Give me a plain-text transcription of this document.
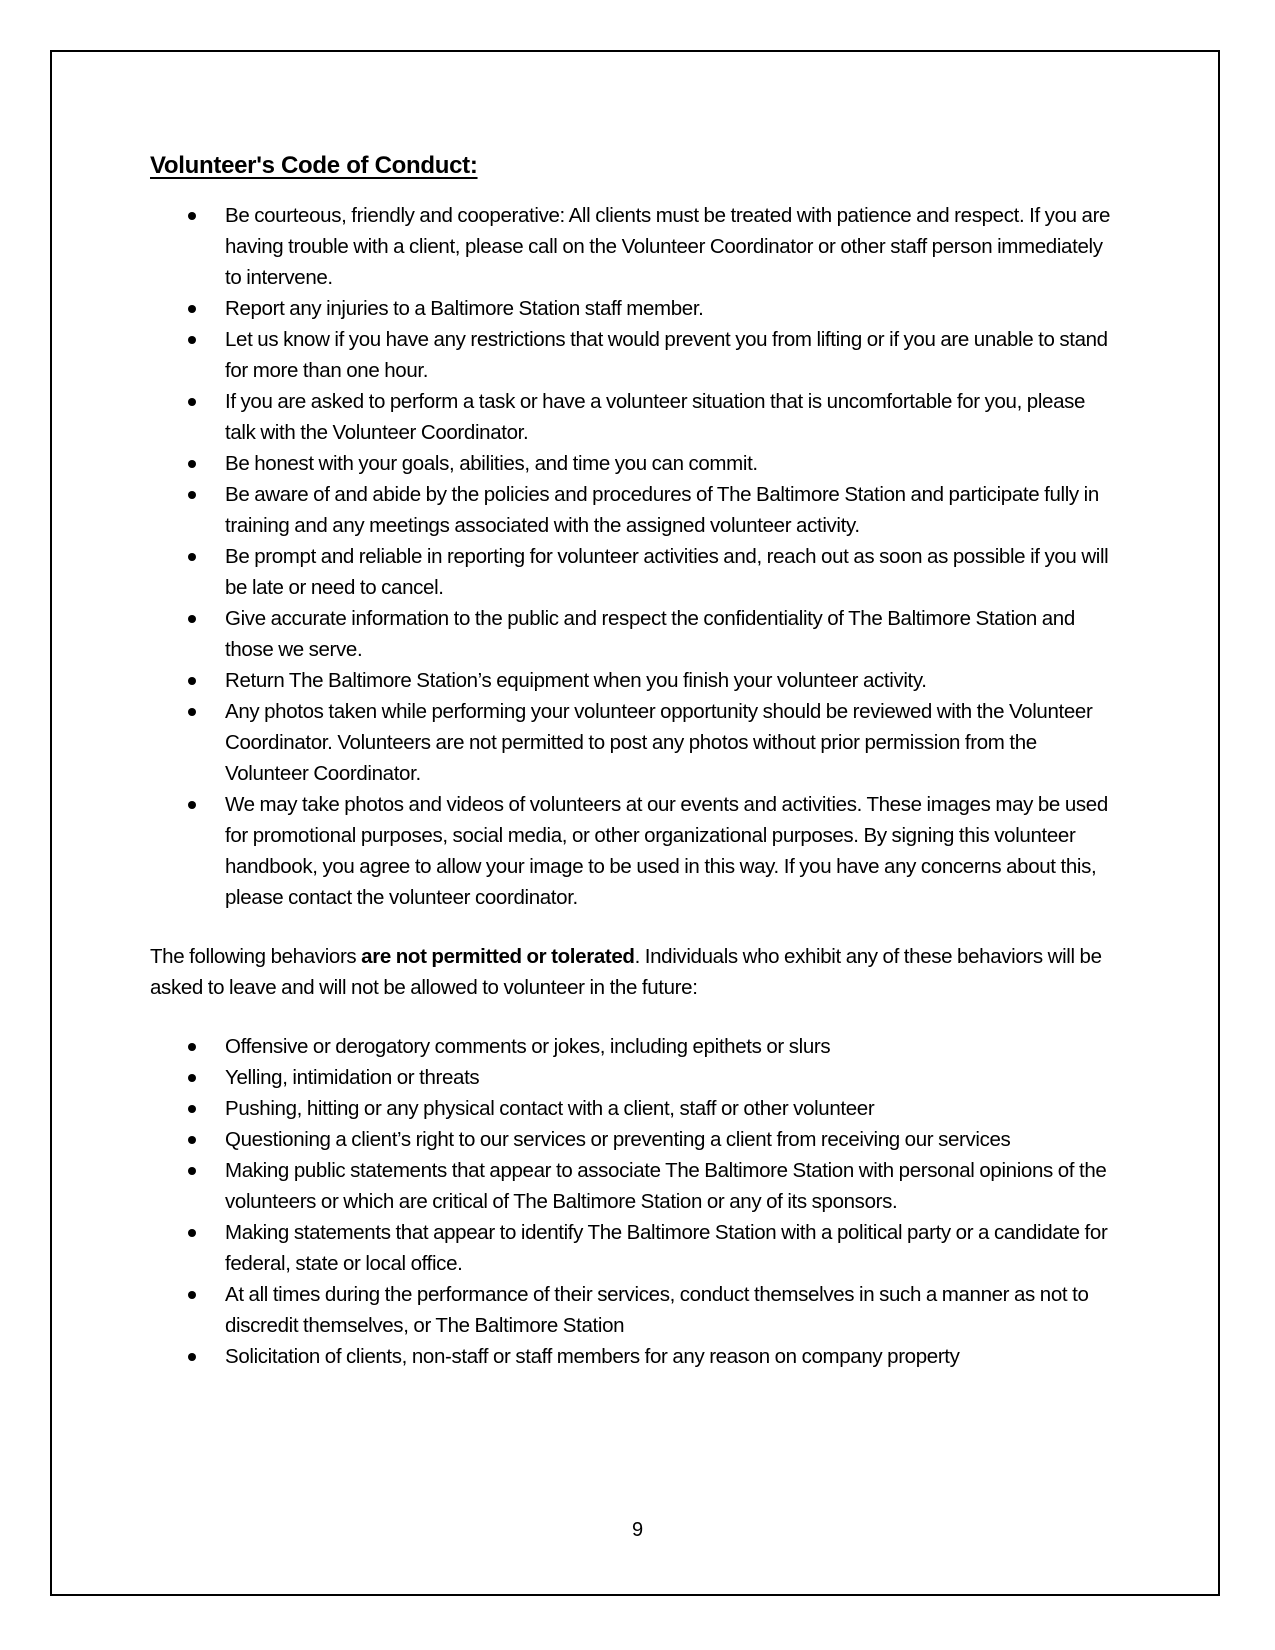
Volunteer's Code of Conduct:
Be courteous, friendly and cooperative: All clients must be treated with patience and respect. If you are having trouble with a client, please call on the Volunteer Coordinator or other staff person immediately to intervene.
Report any injuries to a Baltimore Station staff member.
Let us know if you have any restrictions that would prevent you from lifting or if you are unable to stand for more than one hour.
If you are asked to perform a task or have a volunteer situation that is uncomfortable for you, please talk with the Volunteer Coordinator.
Be honest with your goals, abilities, and time you can commit.
Be aware of and abide by the policies and procedures of The Baltimore Station and participate fully in training and any meetings associated with the assigned volunteer activity.
Be prompt and reliable in reporting for volunteer activities and, reach out as soon as possible if you will be late or need to cancel.
Give accurate information to the public and respect the confidentiality of The Baltimore Station and those we serve.
Return The Baltimore Station’s equipment when you finish your volunteer activity.
Any photos taken while performing your volunteer opportunity should be reviewed with the Volunteer Coordinator. Volunteers are not permitted to post any photos without prior permission from the Volunteer Coordinator.
We may take photos and videos of volunteers at our events and activities. These images may be used for promotional purposes, social media, or other organizational purposes. By signing this volunteer handbook, you agree to allow your image to be used in this way. If you have any concerns about this, please contact the volunteer coordinator.

The following behaviors are not permitted or tolerated. Individuals who exhibit any of these behaviors will be asked to leave and will not be allowed to volunteer in the future:

Offensive or derogatory comments or jokes, including epithets or slurs
Yelling, intimidation or threats
Pushing, hitting or any physical contact with a client, staff or other volunteer
Questioning a client’s right to our services or preventing a client from receiving our services
Making public statements that appear to associate The Baltimore Station with personal opinions of the volunteers or which are critical of The Baltimore Station or any of its sponsors.
Making statements that appear to identify The Baltimore Station with a political party or a candidate for federal, state or local office.
At all times during the performance of their services, conduct themselves in such a manner as not to discredit themselves, or The Baltimore Station
Solicitation of clients, non-staff or staff members for any reason on company property
9
